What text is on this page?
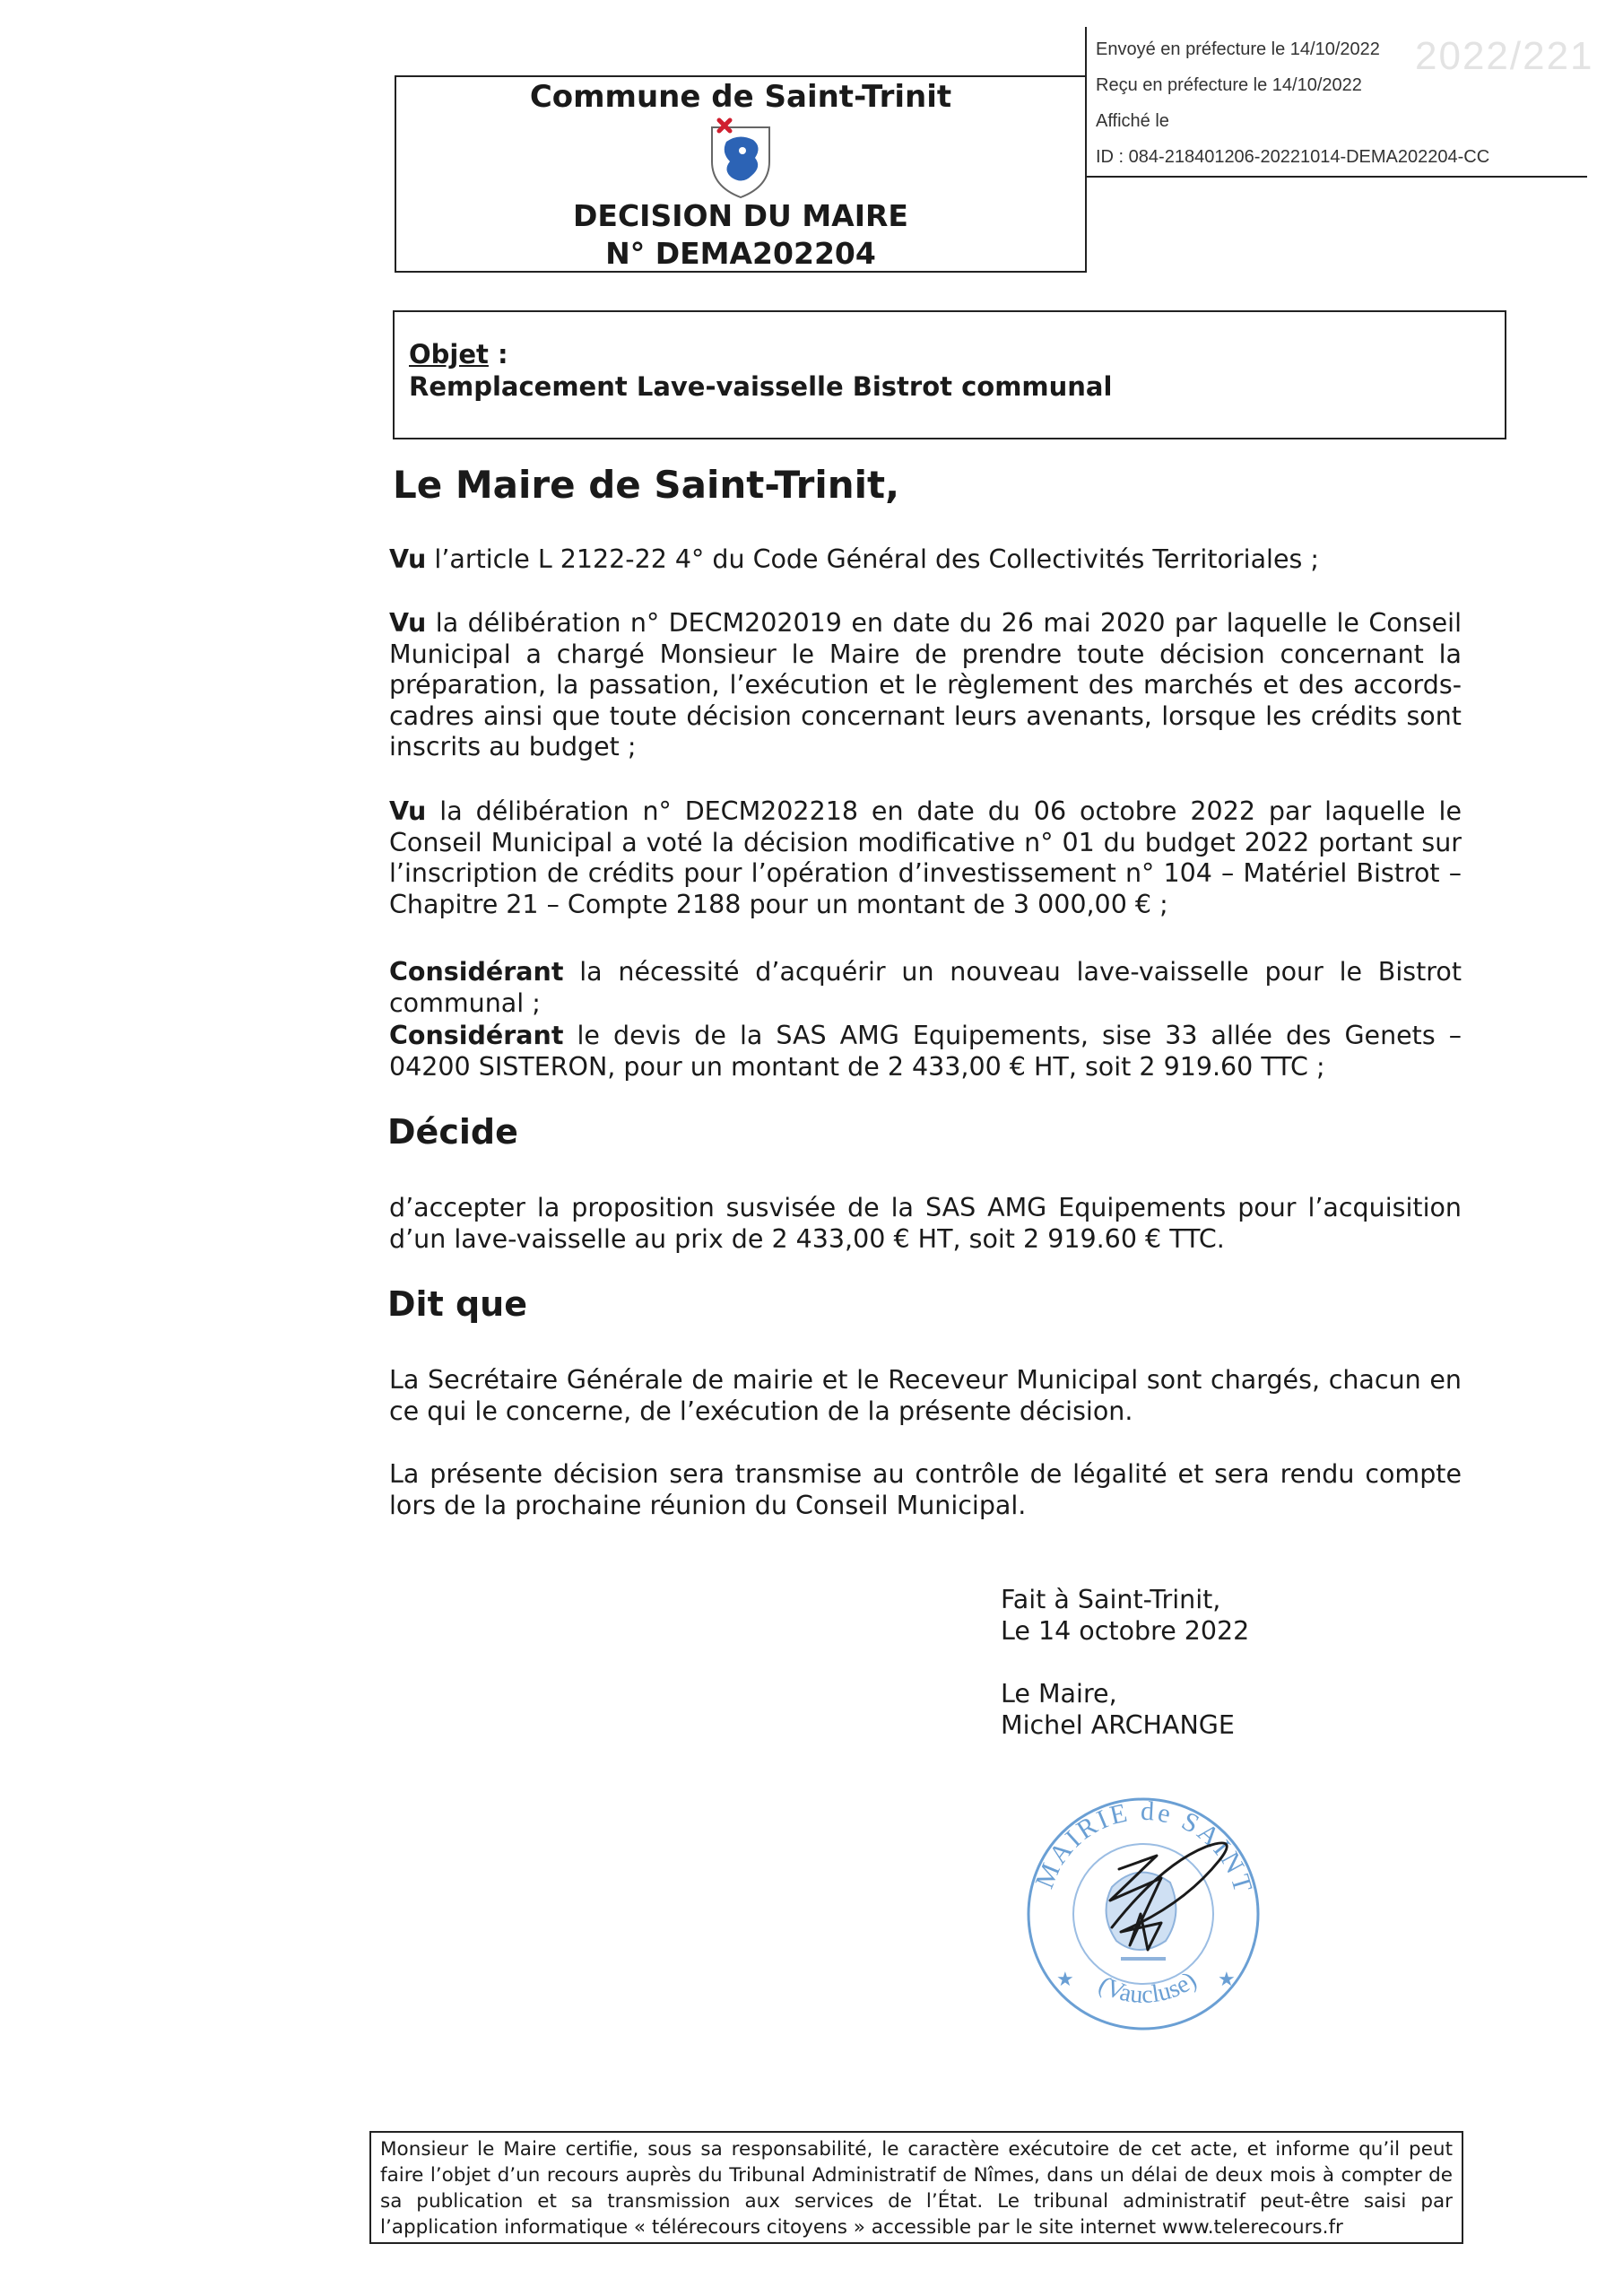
Envoyé en préfecture le 14/10/2022
Reçu en préfecture le 14/10/2022
Affiché le
ID : 084-218401206-20221014-DEMA202204-CC
2022/221
Commune de Saint-Trinit
DECISION DU MAIRE
N° DEMA202204
Objet :
Remplacement Lave-vaisselle Bistrot communal
Le Maire de Saint-Trinit,
Vu l’article L 2122-22 4° du Code Général des Collectivités Territoriales ;
Vu la délibération n° DECM202019 en date du 26 mai 2020 par laquelle le Conseil Municipal a chargé Monsieur le Maire de prendre toute décision concernant la préparation, la passation, l’exécution et le règlement des marchés et des accords-cadres ainsi que toute décision concernant leurs avenants, lorsque les crédits sont inscrits au budget ;
Vu la délibération n° DECM202218 en date du 06 octobre 2022 par laquelle le Conseil Municipal a voté la décision modificative n° 01 du budget 2022 portant sur l’inscription de crédits pour l’opération d’investissement n° 104 – Matériel Bistrot – Chapitre 21 – Compte 2188 pour un montant de 3 000,00 € ;
Considérant la nécessité d’acquérir un nouveau lave-vaisselle pour le Bistrot communal ;
Considérant le devis de la SAS AMG Equipements, sise 33 allée des Genets – 04200 SISTERON, pour un montant de 2 433,00 € HT, soit 2 919.60 TTC ;
Décide
d’accepter la proposition susvisée de la SAS AMG Equipements pour l’acquisition d’un lave-vaisselle au prix de 2 433,00 € HT, soit 2 919.60 € TTC.
Dit que
La Secrétaire Générale de mairie et le Receveur Municipal sont chargés, chacun en ce qui le concerne, de l’exécution de la présente décision.
La présente décision sera transmise au contrôle de légalité et sera rendu compte lors de la prochaine réunion du Conseil Municipal.
Fait à Saint-Trinit,
Le 14 octobre 2022
Le Maire,
Michel ARCHANGE
MAIRIE de SAINT
(Vaucluse)
★	★
Monsieur le Maire certifie, sous sa responsabilité, le caractère exécutoire de cet acte, et informe qu’il peut faire l’objet d’un recours auprès du Tribunal Administratif de Nîmes, dans un délai de deux mois à compter de sa publication et sa transmission aux services de l’État. Le tribunal administratif peut-être saisi par l’application informatique « télérecours citoyens » accessible par le site internet www.telerecours.fr
